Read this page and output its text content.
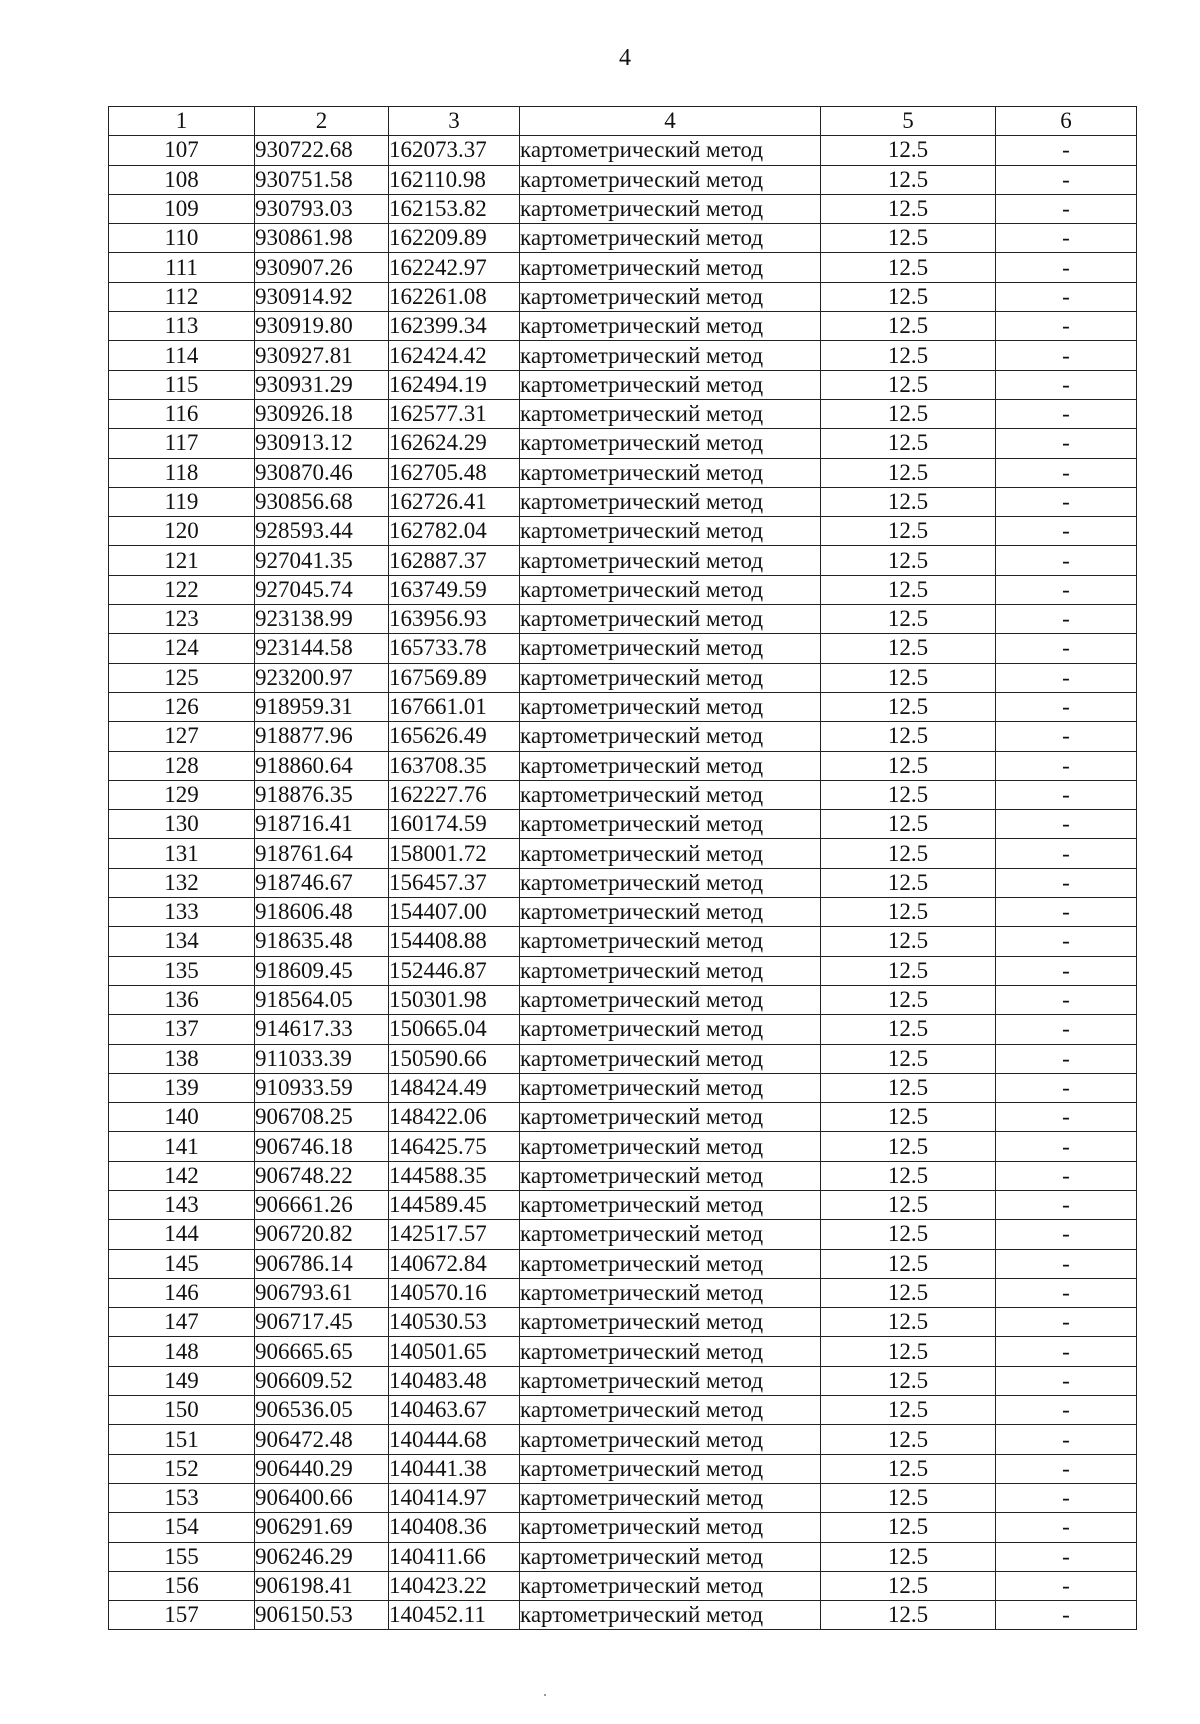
4
1	2	3	4	5	6
107	930722.68	162073.37	картометрический метод	12.5	-
108	930751.58	162110.98	картометрический метод	12.5	-
109	930793.03	162153.82	картометрический метод	12.5	-
110	930861.98	162209.89	картометрический метод	12.5	-
111	930907.26	162242.97	картометрический метод	12.5	-
112	930914.92	162261.08	картометрический метод	12.5	-
113	930919.80	162399.34	картометрический метод	12.5	-
114	930927.81	162424.42	картометрический метод	12.5	-
115	930931.29	162494.19	картометрический метод	12.5	-
116	930926.18	162577.31	картометрический метод	12.5	-
117	930913.12	162624.29	картометрический метод	12.5	-
118	930870.46	162705.48	картометрический метод	12.5	-
119	930856.68	162726.41	картометрический метод	12.5	-
120	928593.44	162782.04	картометрический метод	12.5	-
121	927041.35	162887.37	картометрический метод	12.5	-
122	927045.74	163749.59	картометрический метод	12.5	-
123	923138.99	163956.93	картометрический метод	12.5	-
124	923144.58	165733.78	картометрический метод	12.5	-
125	923200.97	167569.89	картометрический метод	12.5	-
126	918959.31	167661.01	картометрический метод	12.5	-
127	918877.96	165626.49	картометрический метод	12.5	-
128	918860.64	163708.35	картометрический метод	12.5	-
129	918876.35	162227.76	картометрический метод	12.5	-
130	918716.41	160174.59	картометрический метод	12.5	-
131	918761.64	158001.72	картометрический метод	12.5	-
132	918746.67	156457.37	картометрический метод	12.5	-
133	918606.48	154407.00	картометрический метод	12.5	-
134	918635.48	154408.88	картометрический метод	12.5	-
135	918609.45	152446.87	картометрический метод	12.5	-
136	918564.05	150301.98	картометрический метод	12.5	-
137	914617.33	150665.04	картометрический метод	12.5	-
138	911033.39	150590.66	картометрический метод	12.5	-
139	910933.59	148424.49	картометрический метод	12.5	-
140	906708.25	148422.06	картометрический метод	12.5	-
141	906746.18	146425.75	картометрический метод	12.5	-
142	906748.22	144588.35	картометрический метод	12.5	-
143	906661.26	144589.45	картометрический метод	12.5	-
144	906720.82	142517.57	картометрический метод	12.5	-
145	906786.14	140672.84	картометрический метод	12.5	-
146	906793.61	140570.16	картометрический метод	12.5	-
147	906717.45	140530.53	картометрический метод	12.5	-
148	906665.65	140501.65	картометрический метод	12.5	-
149	906609.52	140483.48	картометрический метод	12.5	-
150	906536.05	140463.67	картометрический метод	12.5	-
151	906472.48	140444.68	картометрический метод	12.5	-
152	906440.29	140441.38	картометрический метод	12.5	-
153	906400.66	140414.97	картометрический метод	12.5	-
154	906291.69	140408.36	картометрический метод	12.5	-
155	906246.29	140411.66	картометрический метод	12.5	-
156	906198.41	140423.22	картометрический метод	12.5	-
157	906150.53	140452.11	картометрический метод	12.5	-
